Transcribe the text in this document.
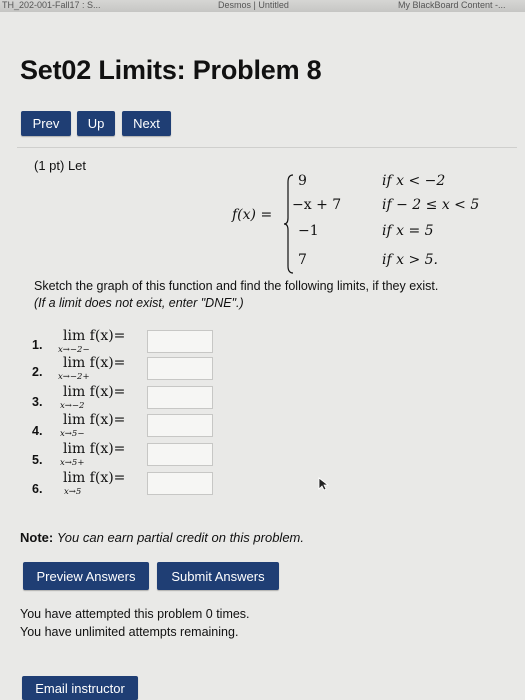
TH_202-001-Fall17 : S...	Desmos | Untitled	My BlackBoard Content -...
Set02 Limits: Problem 8
Prev	Up	Next
(1 pt) Let
f(x) =
9	if x < −2
−x + 7	if − 2 ≤ x < 5
−1	if x = 5
7	if x > 5.
Sketch the graph of this function and find the following limits, if they exist.
(If a limit does not exist, enter "DNE".)
1.
lim f(x)=
x→−2−
2.
lim f(x)=
x→−2+
3.
lim f(x)=
x→−2
4.
lim f(x)=
x→5−
5.
lim f(x)=
x→5+
6.
lim f(x)=
x→5
Note: You can earn partial credit on this problem.
Preview Answers	Submit Answers
You have attempted this problem 0 times.
You have unlimited attempts remaining.
Email instructor
